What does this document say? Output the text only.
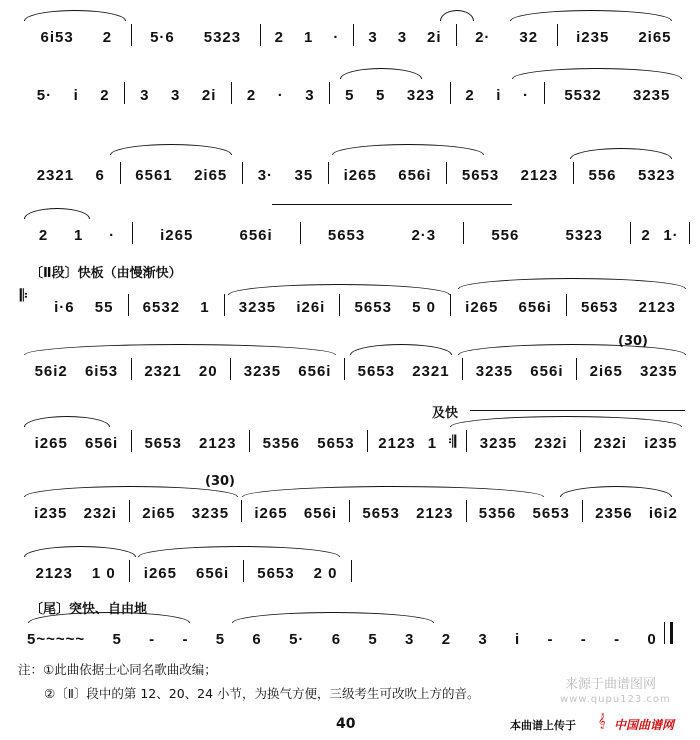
6i53 2	5·6 5323 2 1 · 3 3 2i 2· 32	i235 2i65
5· i 2 3 3 2i 2 · 3 5 5 323 2 i · 5532 3235
2321 6 6561 2i65 3· 35 i265 656i 5653 2123 556 5323
2 1 ·	i265	656i	5653	2·3	556	5323	2 1·
〔Ⅱ段〕快板（由慢渐快）
𝄆
i·6 55 6532 1 3235 i26i 5653 5 0 i265 656i 5653 2123
56i2 6i53 2321 20 3235 656i 5653 2321 3235 656i 2i65 3235
(30)
及快
i265 656i 5653 2123 5356 5653 2123 1 𝄇 3235 232i 232i i235
(30)
i235 232i 2i65 3235 i265 656i 5653 2123 5356 5653 2356 i6i2
2123 1 0 i265 656i 5653 2 0
〔尾〕突快、自由地
5~~~~~ 5 - - 5 6 5· 6 5 3 2 3 i - - - 0
注：①此曲依据士心同名歌曲改编；
②〔Ⅱ〕段中的第 12、20、24 小节，为换气方便，三级考生可改吹上方的音。
40	本曲谱上传于	中国曲谱网
来源于曲谱图网
www.qupu123.com
𝄞
